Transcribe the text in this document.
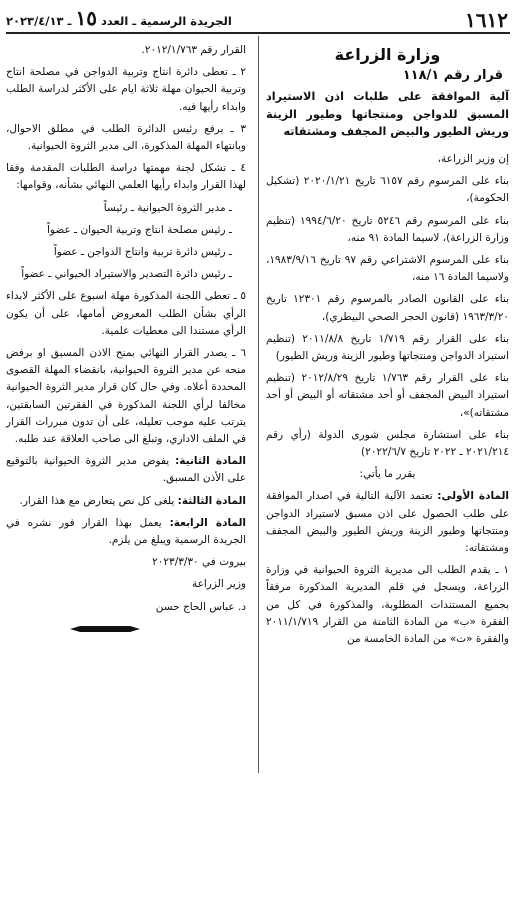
١٦١٢
الجريدة الرسمية ـ العدد
١٥
ـ ٢٠٢٣/٤/١٣
وزارة الزراعة
قرار رقم ١١٨/١
آلية الموافقة على طلبات اذن الاستيراد المسبق للدواجن ومنتجاتها وطيور الزينة وريش الطيور والبيض المجفف ومشتقاته

إن وزير الزراعة،

بناء على المرسوم رقم ٦١٥٧ تاريخ ٢٠٢٠/١/٢١ (تشكيل الحكومة)،

بناء على المرسوم رقم ٥٢٤٦ تاريخ ١٩٩٤/٦/٢٠ (تنظيم وزارة الزراعة)، لاسيما المادة ٩١ منه،

بناء على المرسوم الاشتراعي رقم ٩٧ تاريخ ١٩٨٣/٩/١٦، ولاسيما المادة ١٦ منه،

بناء على القانون الصادر بالمرسوم رقم ١٢٣٠١ تاريخ ١٩٦٣/٣/٢٠ (قانون الحجر الصحي البيطري)،

بناء على القرار رقم ١/٧١٩ تاريخ ٢٠١١/٨/٨ (تنظيم استيراد الدواجن ومنتجاتها وطيور الزينة وريش الطيور)

بناء على القرار رقم ١/٧٦٣ تاريخ ٢٠١٢/٨/٢٩ (تنظيم استيراد البيض المجفف أو أحد مشتقاته أو البيض أو أحد مشتقاته)»،

بناء على استشارة مجلس شورى الدولة (رأي رقم ٢٠٢١/٢١٤ ـ ٢٠٢٢ تاريخ ٢٠٢٢/٦/٧)

يقرر ما يأتي:

المادة الأولى: تعتمد الآلية التالية في اصدار الموافقة على طلب الحصول على اذن مسبق لاستيراد الدواجن ومنتجاتها وطيور الزينة وريش الطيور والبيض المجفف ومشتقاته:

١ ـ يقدم الطلب الى مديرية الثروة الحيوانية في وزارة الزراعة، ويسجل في قلم المديرية المذكورة مرفقاً بجميع المستندات المطلوبة، والمذكورة في كل من الفقرة «ب» من المادة الثامنة من القرار ٢٠١١/١/٧١٩ والفقرة «ت» من المادة الخامسة من

القرار رقم ٢٠١٢/١/٧٦٣.

٢ ـ تعطى دائرة انتاج وتربية الدواجن في مصلحة انتاج وتربية الحيوان مهلة ثلاثة ايام على الأكثر لدراسة الطلب وابداء رأيها فيه.

٣ ـ يرفع رئيس الدائرة الطلب في مطلق الاحوال، وبانتهاء المهلة المذكورة، الى مدير الثروة الحيوانية.

٤ ـ تشكل لجنة مهمتها دراسة الطلبات المقدمة وفقا لهذا القرار وابداء رأيها العلمي النهائي بشأنه، وقوامها:

ـ مدير الثروة الحيوانية ـ رئيساً

ـ رئيس مصلحة انتاج وتربية الحيوان ـ عضواً

ـ رئيس دائرة تربية وانتاج الدواجن ـ عضواً

ـ رئيس دائرة التصدير والاستيراد الحيواني ـ عضواً

٥ ـ تعطى اللجنة المذكورة مهلة اسبوع على الأكثر لابداء الرأي بشأن الطلب المعروض أمامها، على أن يكون الرأي مستندا الى معطيات علمية.

٦ ـ يصدر القرار النهائي بمنح الاذن المسبق او برفض منحه عن مدير الثروة الحيوانية، بانقضاء المهلة القصوى المحددة أعلاه. وفي حال كان قرار مدير الثروة الحيوانية مخالفا لرأي اللجنة المذكورة في الفقرتين السابقتين، يترتب عليه موجب تعليله، على أن تدون مبررات القرار في الملف الاداري، وتبلغ الى صاحب العلاقة عند طلبه.

المادة الثانية: يفوض مدير الثروة الحيوانية بالتوقيع على الأذن المسبق.

المادة الثالثة: يلغى كل نص يتعارض مع هذا القرار.

المادة الرابعة: يعمل بهذا القرار فور نشره في الجريدة الرسمية ويبلغ من يلزم.

بيروت في ٢٠٢٣/٣/٣٠

وزير الزراعة

د. عباس الحاج حسن
